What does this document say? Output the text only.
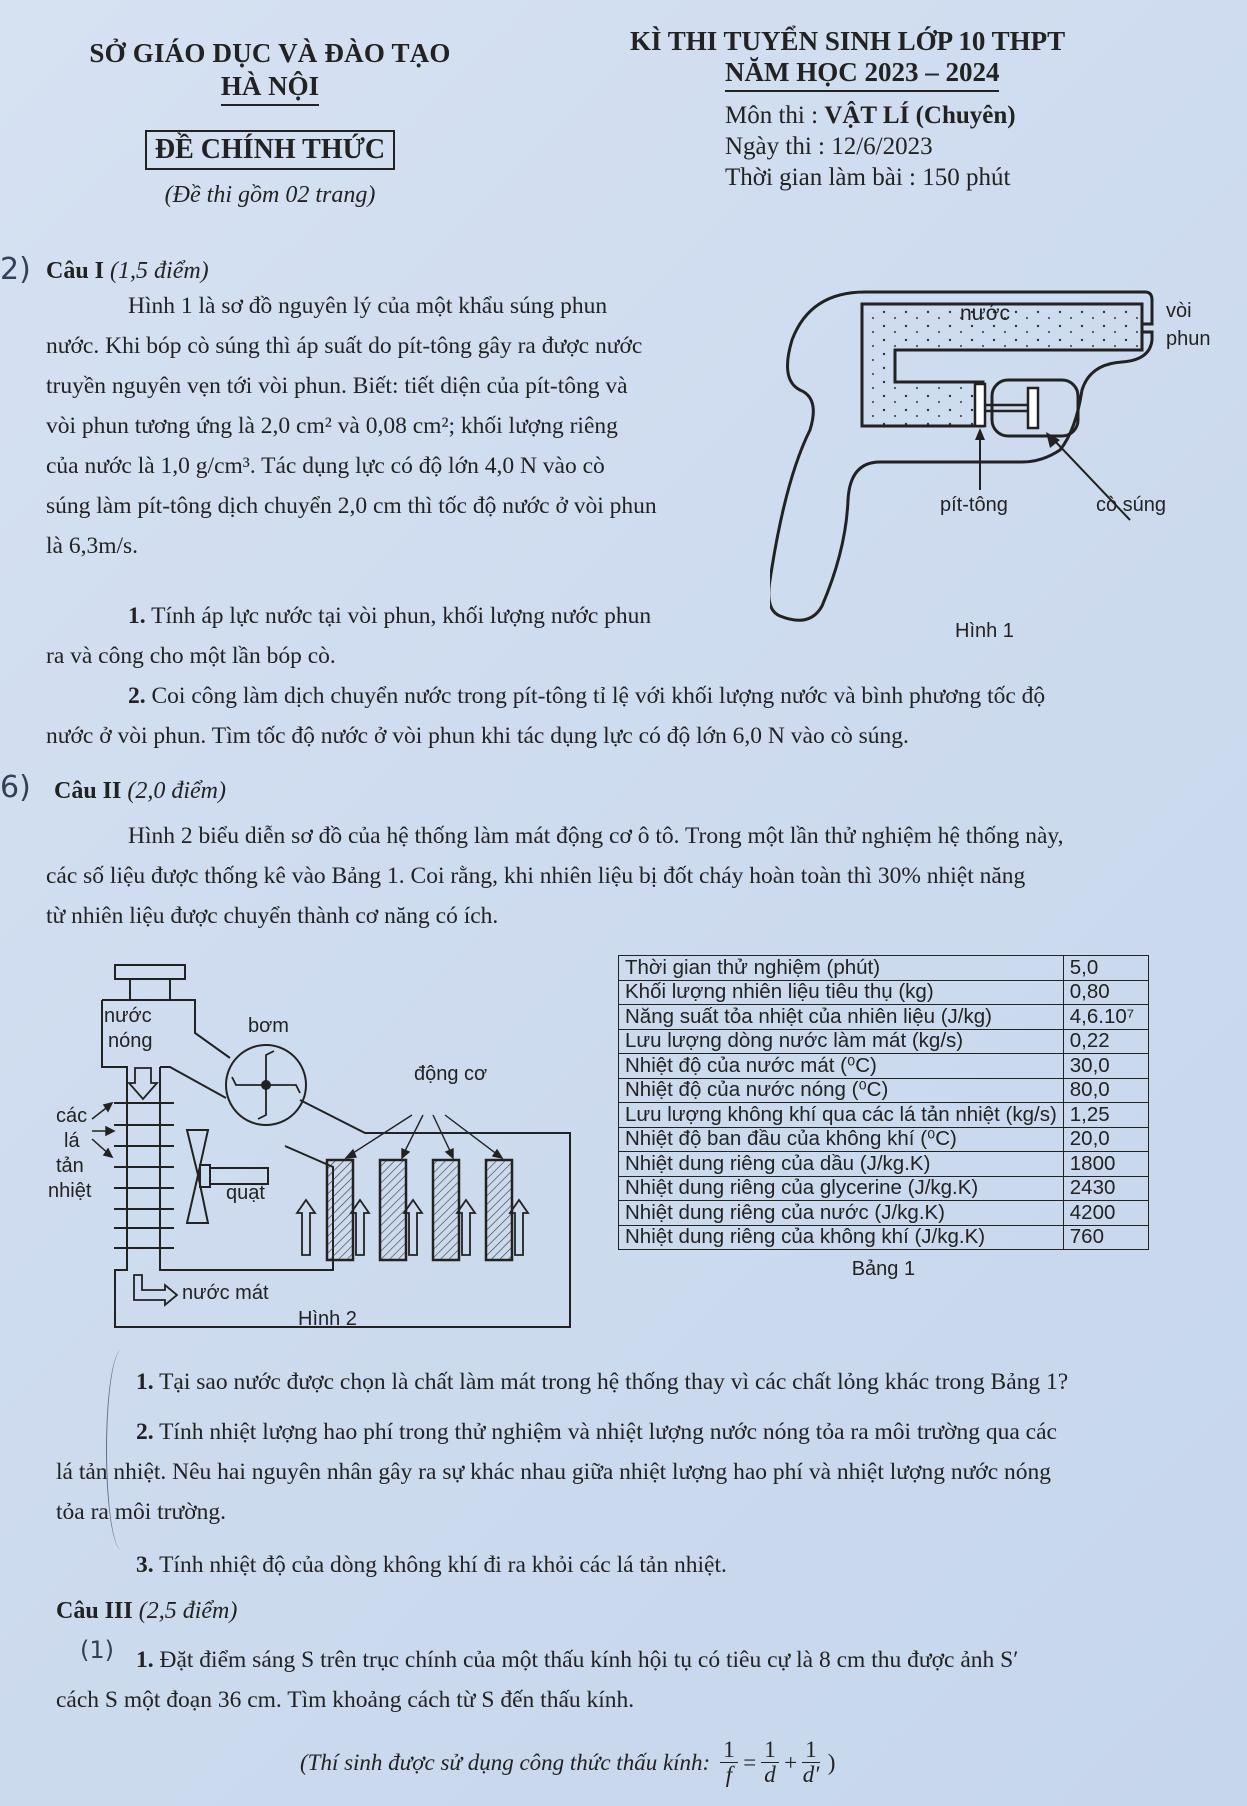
SỞ GIÁO DỤC VÀ ĐÀO TẠO
HÀ NỘI
ĐỀ CHÍNH THỨC
(Đề thi gồm 02 trang)
KÌ THI TUYỂN SINH LỚP 10 THPT
NĂM HỌC 2023 – 2024
Môn thi : VẬT LÍ (Chuyên)
Ngày thi : 12/6/2023
Thời gian làm bài : 150 phút
2) Câu I (1,5 điểm)
Hình 1 là sơ đồ nguyên lý của một khẩu súng phun
nước. Khi bóp cò súng thì áp suất do pít-tông gây ra được nước
truyền nguyên vẹn tới vòi phun. Biết: tiết diện của pít-tông và
vòi phun tương ứng là 2,0 cm² và 0,08 cm²; khối lượng riêng
của nước là 1,0 g/cm³. Tác dụng lực có độ lớn 4,0 N vào cò
súng làm pít-tông dịch chuyển 2,0 cm thì tốc độ nước ở vòi phun
là 6,3m/s.
1. Tính áp lực nước tại vòi phun, khối lượng nước phun
ra và công cho một lần bóp cò.
2. Coi công làm dịch chuyển nước trong pít-tông tỉ lệ với khối lượng nước và bình phương tốc độ
nước ở vòi phun. Tìm tốc độ nước ở vòi phun khi tác dụng lực có độ lớn 6,0 N vào cò súng.
nước	vòi
phun
pít-tông	cò súng
Hình 1
6) Câu II (2,0 điểm)
Hình 2 biểu diễn sơ đồ của hệ thống làm mát động cơ ô tô. Trong một lần thử nghiệm hệ thống này,
các số liệu được thống kê vào Bảng 1. Coi rằng, khi nhiên liệu bị đốt cháy hoàn toàn thì 30% nhiệt năng
từ nhiên liệu được chuyển thành cơ năng có ích.
nước
nóng
bơm
động cơ
các
lá
tản
nhiệt	quạt
nước mát
Hình 2
Thời gian thử nghiệm (phút)	5,0
Khối lượng nhiên liệu tiêu thụ (kg)	0,80
Năng suất tỏa nhiệt của nhiên liệu (J/kg)	4,6.10⁷
Lưu lượng dòng nước làm mát (kg/s)	0,22
Nhiệt độ của nước mát (⁰C)	30,0
Nhiệt độ của nước nóng (⁰C)	80,0
Lưu lượng không khí qua các lá tản nhiệt (kg/s)	1,25
Nhiệt độ ban đầu của không khí (⁰C)	20,0
Nhiệt dung riêng của dầu (J/kg.K)	1800
Nhiệt dung riêng của glycerine (J/kg.K)	2430
Nhiệt dung riêng của nước (J/kg.K)	4200
Nhiệt dung riêng của không khí (J/kg.K)	760
Bảng 1
1. Tại sao nước được chọn là chất làm mát trong hệ thống thay vì các chất lỏng khác trong Bảng 1?
2. Tính nhiệt lượng hao phí trong thử nghiệm và nhiệt lượng nước nóng tỏa ra môi trường qua các
lá tản nhiệt. Nêu hai nguyên nhân gây ra sự khác nhau giữa nhiệt lượng hao phí và nhiệt lượng nước nóng
tỏa ra môi trường.
3. Tính nhiệt độ của dòng không khí đi ra khỏi các lá tản nhiệt.
Câu III (2,5 điểm)
(1) 1. Đặt điểm sáng S trên trục chính của một thấu kính hội tụ có tiêu cự là 8 cm thu được ảnh S′
cách S một đoạn 36 cm. Tìm khoảng cách từ S đến thấu kính.
(Thí sinh được sử dụng công thức thấu kính: $\frac{1}{f} = \frac{1}{d} + \frac{1}{d'}$ )
